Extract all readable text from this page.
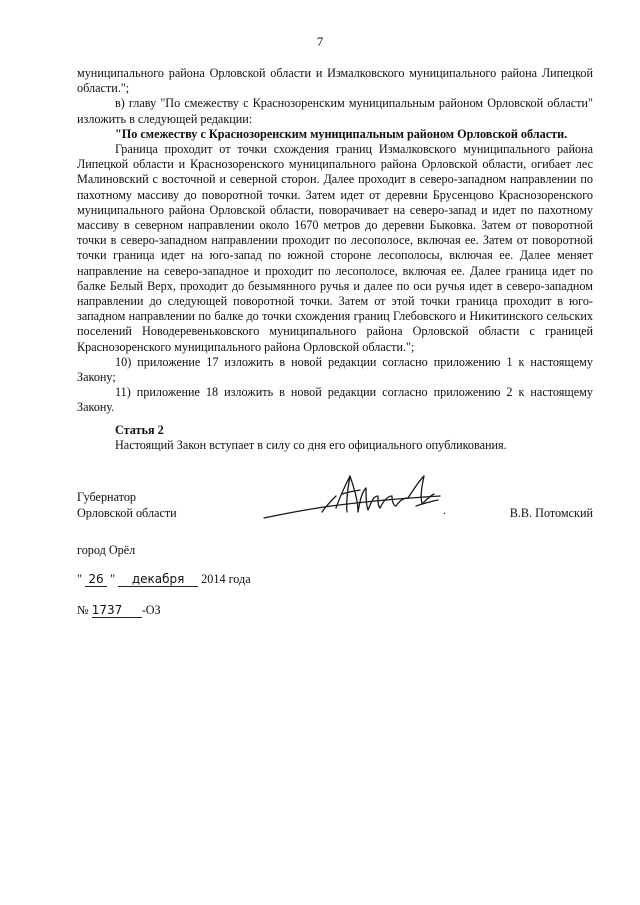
7

муниципального района Орловской области и Измалковского муниципального района Липецкой области.";

в) главу "По смежеству с Краснозоренским муниципальным районом Орловской области" изложить в следующей редакции:

"По смежеству с Краснозоренским муниципальным районом Орловской области.

Граница проходит от точки схождения границ Измалковского муниципального района Липецкой области и Краснозоренского муниципального района Орловской области, огибает лес Малиновский с восточной и северной сторон. Далее проходит в северо-западном направлении по пахотному массиву до поворотной точки. Затем идет от деревни Брусенцово Краснозоренского муниципального района Орловской области, поворачивает на северо-запад и идет по пахотному массиву в северном направлении около 1670 метров до деревни Быковка. Затем от поворотной точки в северо-западном направлении проходит по лесополосе, включая ее. Затем от поворотной точки граница идет на юго-запад по южной стороне лесополосы, включая ее. Далее меняет направление на северо-западное и проходит по лесополосе, включая ее. Далее граница идет по балке Белый Верх, проходит до безымянного ручья и далее по оси ручья идет в северо-западном направлении до следующей поворотной точки. Затем от этой точки граница проходит в юго-западном направлении по балке до точки схождения границ Глебовского и Никитинского сельских поселений Новодеревеньковского муниципального района Орловской области с границей Краснозоренского муниципального района Орловской области.";

10) приложение 17 изложить в новой редакции согласно приложению 1 к настоящему Закону;

11) приложение 18 изложить в новой редакции согласно приложению 2 к настоящему Закону.

Статья 2
Настоящий Закон вступает в силу со дня его официального опубликования.
Губернатор
Орловской области	.	В.В. Потомский
город Орёл
" 26 " декабря 2014 года
№ 1737 -ОЗ
